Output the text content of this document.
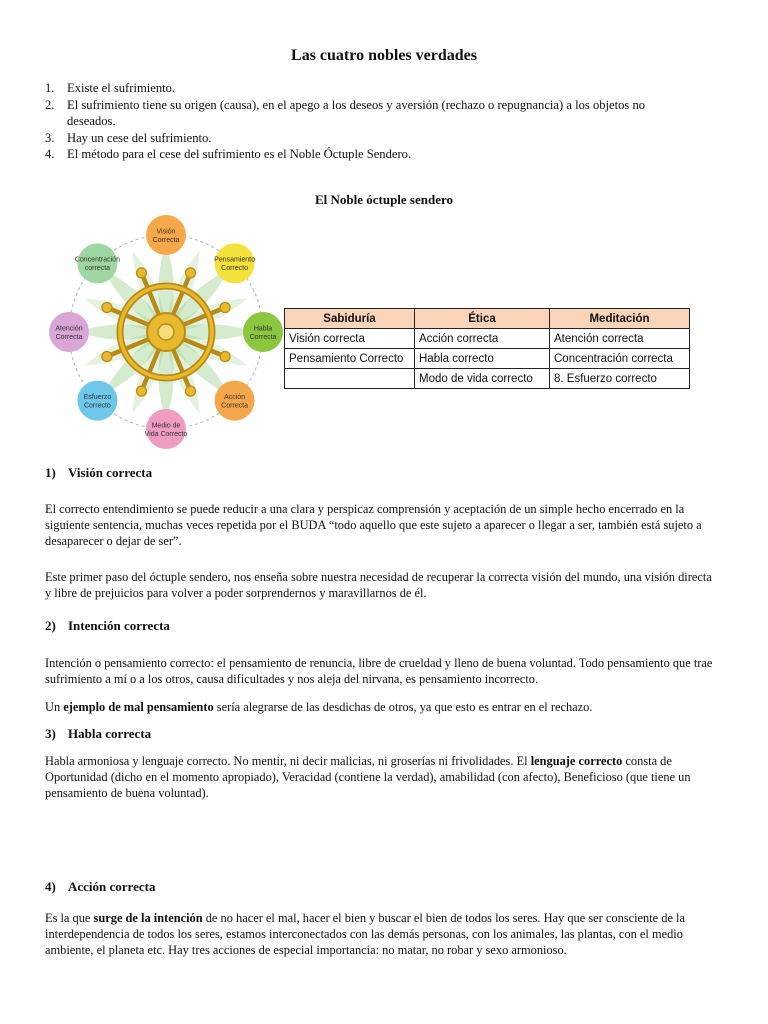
Las cuatro nobles verdades
1. Existe el sufrimiento.
2. El sufrimiento tiene su origen (causa), en el apego a los deseos y aversión (rechazo o repugnancia) a los objetos no deseados.
3. Hay un cese del sufrimiento.
4. El método para el cese del sufrimiento es el Noble Óctuple Sendero.
El Noble óctuple sendero
Visión
Correcta
Pensamiento
Correcto
Habla
Correcta
Acción
Correcta
Medio de
Vida Correcto
Esfuerzo
Correcto
Atención
Correcta
Concentración
correcta
Sabiduría	Ética	Meditación
Visión correcta	Acción correcta	Atención correcta
Pensamiento Correcto	Habla correcto	Concentración correcta
	Modo de vida correcto	8. Esfuerzo correcto
1) Visión correcta

El correcto entendimiento se puede reducir a una clara y perspicaz comprensión y aceptación de un simple hecho encerrado en la siguiente sentencia, muchas veces repetida por el BUDA “todo aquello que este sujeto a aparecer o llegar a ser, también está sujeto a desaparecer o dejar de ser”.

Este primer paso del óctuple sendero, nos enseña sobre nuestra necesidad de recuperar la correcta visión del mundo, una visión directa y libre de prejuicios para volver a poder sorprendernos y maravillarnos de él.

2) Intención correcta

Intención o pensamiento correcto: el pensamiento de renuncia, libre de crueldad y lleno de buena voluntad. Todo pensamiento que trae sufrimiento a mí o a los otros, causa dificultades y nos aleja del nirvana, es pensamiento incorrecto.

Un ejemplo de mal pensamiento sería alegrarse de las desdichas de otros, ya que esto es entrar en el rechazo.

3) Habla correcta

Habla armoniosa y lenguaje correcto. No mentir, ni decir malicias, ni groserías ni frivolidades. El lenguaje correcto consta de Oportunidad (dicho en el momento apropiado), Veracidad (contiene la verdad), amabilidad (con afecto), Beneficioso (que tiene un pensamiento de buena voluntad).

4) Acción correcta

Es la que surge de la intención de no hacer el mal, hacer el bien y buscar el bien de todos los seres. Hay que ser consciente de la interdependencia de todos los seres, estamos interconectados con las demás personas, con los animales, las plantas, con el medio ambiente, el planeta etc. Hay tres acciones de especial importancia: no matar, no robar y sexo armonioso.
